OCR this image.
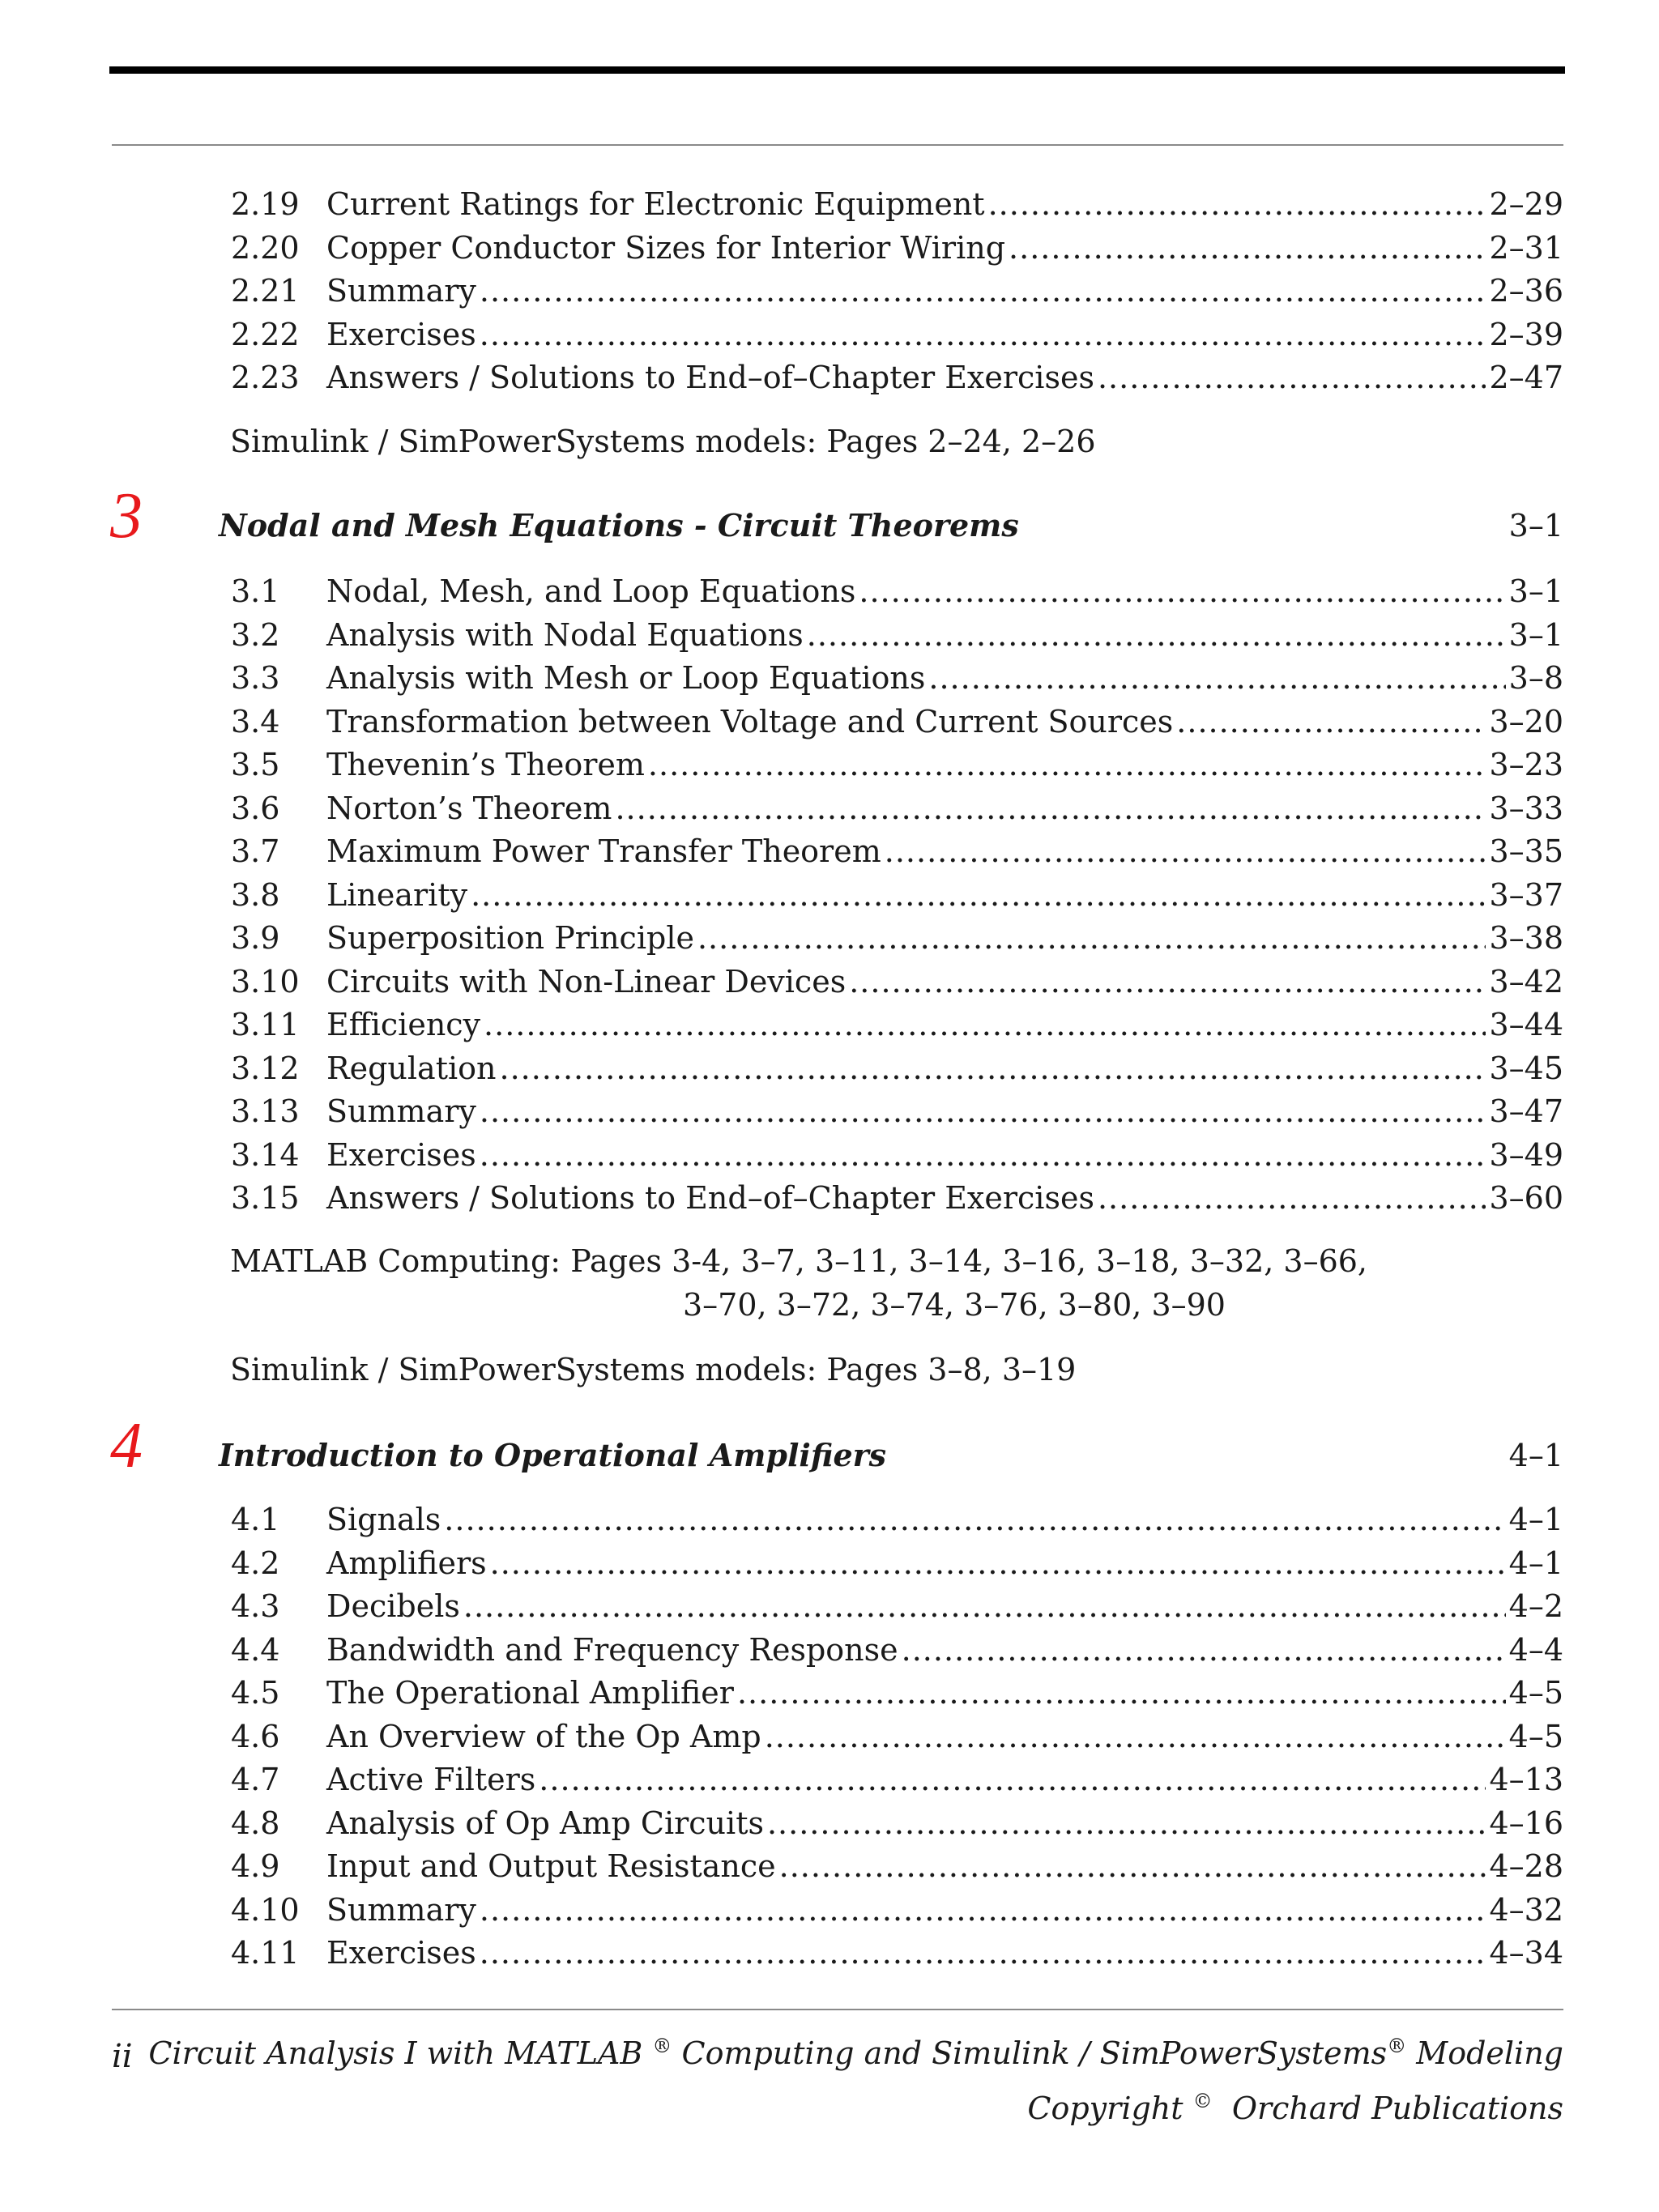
2.19 Current Ratings for Electronic Equipment .....	2–29
2.20 Copper Conductor Sizes for Interior Wiring .....	2–31
2.21 Summary .....	2–36
2.22 Exercises .....	2–39
2.23 Answers / Solutions to End–of–Chapter Exercises .....	2–47
Simulink / SimPowerSystems models: Pages 2–24, 2–26
3 Nodal and Mesh Equations - Circuit Theorems	3–1
3.1	Nodal, Mesh, and Loop Equations .....	3–1
3.2	Analysis with Nodal Equations .....	3–1
3.3	Analysis with Mesh or Loop Equations .....	3–8
3.4	Transformation between Voltage and Current Sources .....	3–20
3.5	Thevenin’s Theorem .....	3–23
3.6	Norton’s Theorem .....	3–33
3.7	Maximum Power Transfer Theorem .....	3–35
3.8	Linearity .....	3–37
3.9	Superposition Principle .....	3–38
3.10 Circuits with Non-Linear Devices .....	3–42
3.11 Efficiency .....	3–44
3.12 Regulation .....	3–45
3.13 Summary .....	3–47
3.14 Exercises .....	3–49
3.15 Answers / Solutions to End–of–Chapter Exercises .....	3–60
MATLAB Computing: Pages 3-4, 3–7, 3–11, 3–14, 3–16, 3–18, 3–32, 3–66,
3–70, 3–72, 3–74, 3–76, 3–80, 3–90
Simulink / SimPowerSystems models: Pages 3–8, 3–19
4 Introduction to Operational Amplifiers	4–1
4.1	Signals .....	4–1
4.2	Amplifiers .....	4–1
4.3	Decibels .....	4–2
4.4	Bandwidth and Frequency Response .....	4–4
4.5	The Operational Amplifier .....	4–5
4.6	An Overview of the Op Amp .....	4–5
4.7	Active Filters .....	4–13
4.8	Analysis of Op Amp Circuits .....	4–16
4.9	Input and Output Resistance .....	4–28
4.10 Summary .....	4–32
4.11 Exercises .....	4–34
ii Circuit Analysis I with MATLAB ® Computing and Simulink / SimPowerSystems® Modeling
Copyright © Orchard Publications
